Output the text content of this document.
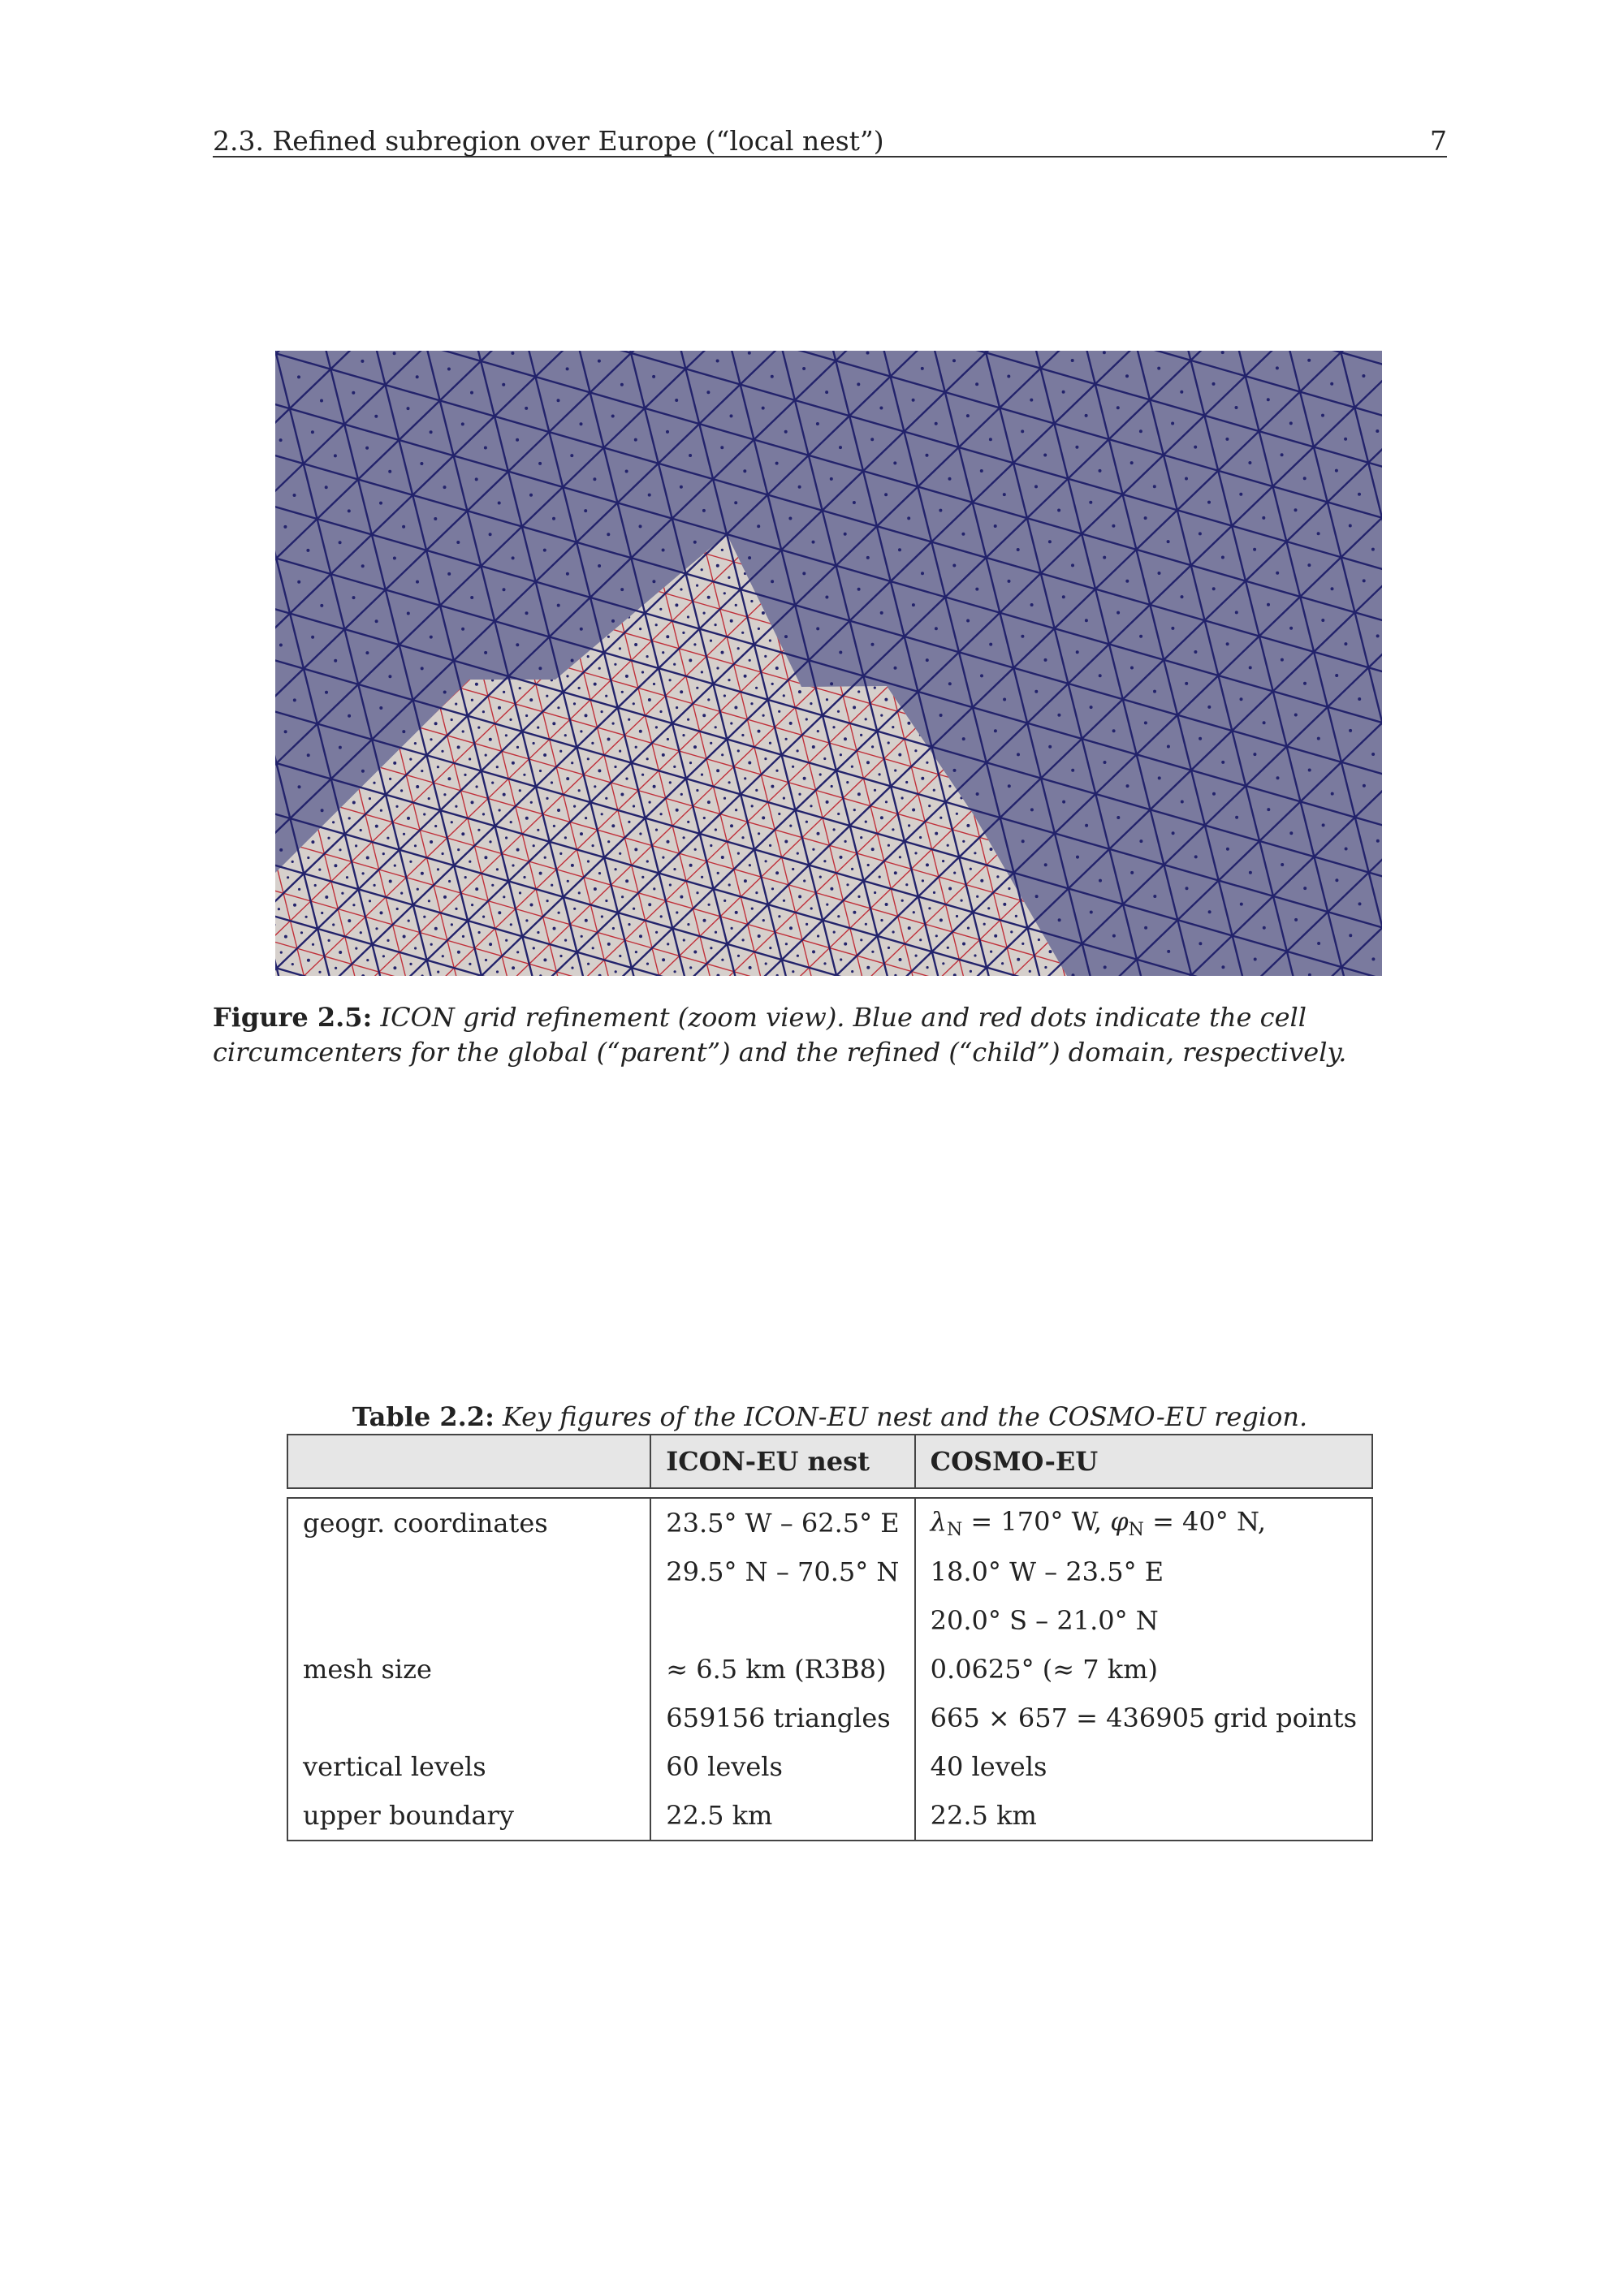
2.3. Refined subregion over Europe (“local nest”)	7
Figure 2.5: ICON grid refinement (zoom view). Blue and red dots indicate the cell circumcenters for the global (“parent”) and the refined (“child”) domain, respectively.
Table 2.2: Key figures of the ICON-EU nest and the COSMO-EU region.
	ICON-EU nest	COSMO-EU

geogr. coordinates	23.5° W – 62.5° E	$\lambda_N = 170^\circ$ W, $\varphi_N = 40^\circ$ N,
	29.5° N – 70.5° N	18.0° W – 23.5° E
		20.0° S – 21.0° N
mesh size	≈ 6.5 km (R3B8)	0.0625° (≈ 7 km)
	659156 triangles	665 × 657 = 436905 grid points
vertical levels	60 levels	40 levels
upper boundary	22.5 km	22.5 km
